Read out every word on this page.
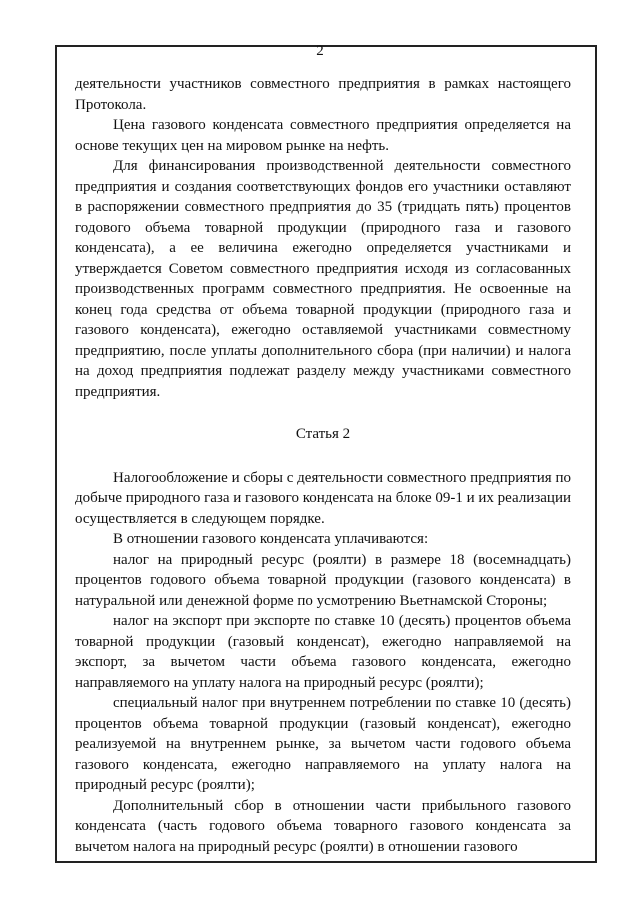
2

деятельности участников совместного предприятия в рамках настоящего Протокола.

Цена газового конденсата совместного предприятия определяется на основе текущих цен на мировом рынке на нефть.

Для финансирования производственной деятельности совместного предприятия и создания соответствующих фондов его участники оставляют в распоряжении совместного предприятия до 35 (тридцать пять) процентов годового объема товарной продукции (природного газа и газового конденсата), а ее величина ежегодно определяется участниками и утверждается Советом совместного предприятия исходя из согласованных производственных программ совместного предприятия. Не освоенные на конец года средства от объема товарной продукции (природного газа и газового конденсата), ежегодно оставляемой участниками совместному предприятию, после уплаты дополнительного сбора (при наличии) и налога на доход предприятия подлежат разделу между участниками совместного предприятия.

Статья 2

Налогообложение и сборы с деятельности совместного предприятия по добыче природного газа и газового конденсата на блоке 09-1 и их реализации осуществляется в следующем порядке.

В отношении газового конденсата уплачиваются:

налог на природный ресурс (роялти) в размере 18 (восемнадцать) процентов годового объема товарной продукции (газового конденсата) в натуральной или денежной форме по усмотрению Вьетнамской Стороны;

налог на экспорт при экспорте по ставке 10 (десять) процентов объема товарной продукции (газовый конденсат), ежегодно направляемой на экспорт, за вычетом части объема газового конденсата, ежегодно направляемого на уплату налога на природный ресурс (роялти);

специальный налог при внутреннем потреблении по ставке 10 (десять) процентов объема товарной продукции (газовый конденсат), ежегодно реализуемой на внутреннем рынке, за вычетом части годового объема газового конденсата, ежегодно направляемого на уплату налога на природный ресурс (роялти);

Дополнительный сбор в отношении части прибыльного газового конденсата (часть годового объема товарного газового конденсата за вычетом налога на природный ресурс (роялти) в отношении газового
